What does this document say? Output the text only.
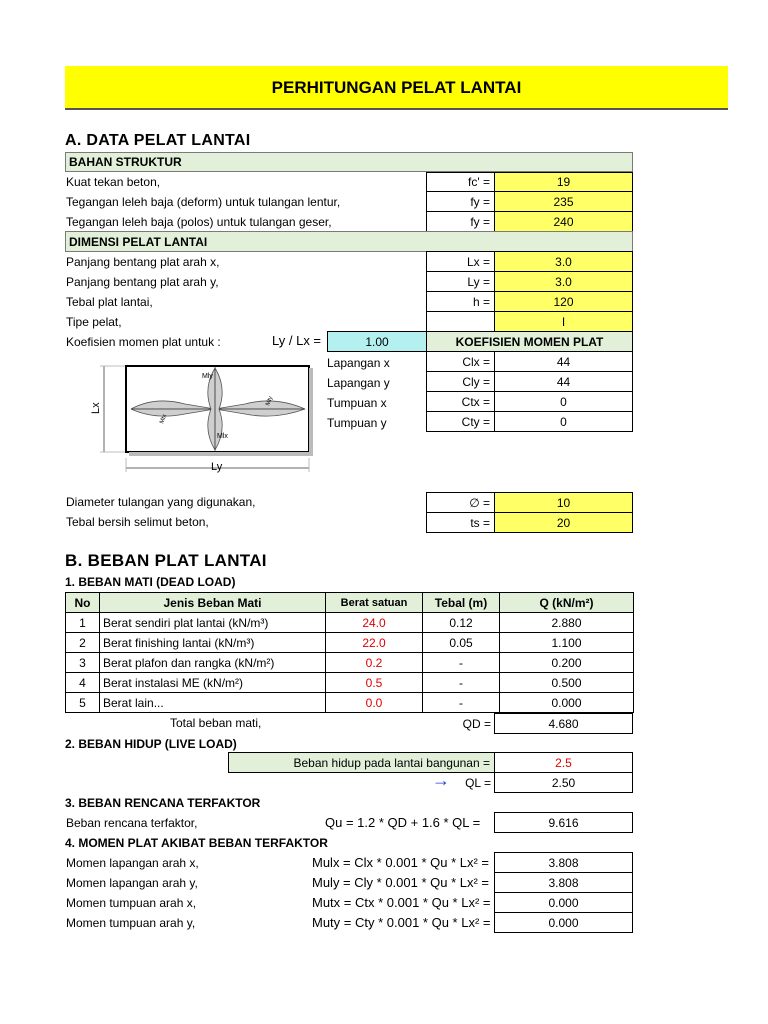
PERHITUNGAN PELAT LANTAI
A. DATA PELAT LANTAI
BAHAN STRUKTUR
Kuat tekan beton,	fc' =	19
Tegangan leleh baja (deform) untuk tulangan lentur,	fy =	235
Tegangan leleh baja (polos) untuk tulangan geser,	fy =	240
DIMENSI PELAT LANTAI
Panjang bentang plat arah x,	Lx =	3.0
Panjang bentang plat arah y,	Ly =	3.0
Tebal plat lantai,	h =	120
Tipe pelat,	I
Koefisien momen plat untuk :	Ly / Lx =	1.00	KOEFISIEN MOMEN PLAT
Lapangan x	Clx =	44
Lapangan y	Cly =	44
Tumpuan x	Ctx =	0
Tumpuan y	Cty =	0
Lx
Ly
Mly
Mlx
Mtx
Mty
Diameter tulangan yang digunakan,	∅ =	10
Tebal bersih selimut beton,	ts =	20
B. BEBAN PLAT LANTAI
1. BEBAN MATI (DEAD LOAD)
No	Jenis Beban Mati	Berat satuan	Tebal (m)	Q (kN/m²)
1	Berat sendiri plat lantai (kN/m³)	24.0	0.12	2.880
2	Berat finishing lantai (kN/m³)	22.0	0.05	1.100
3	Berat plafon dan rangka (kN/m²)	0.2	-	0.200
4	Berat instalasi ME (kN/m²)	0.5	-	0.500
5	Berat lain...	0.0	-	0.000
Total beban mati,	QD =	4.680
2. BEBAN HIDUP (LIVE LOAD)
Beban hidup pada lantai bangunan =	2.5
→	QL =	2.50
3. BEBAN RENCANA TERFAKTOR
Beban rencana terfaktor,	Qu = 1.2 * QD + 1.6 * QL =	9.616
4. MOMEN PLAT AKIBAT BEBAN TERFAKTOR
Momen lapangan arah x,	Mulx = Clx * 0.001 * Qu * Lx² =	3.808
Momen lapangan arah y,	Muly = Cly * 0.001 * Qu * Lx² =	3.808
Momen tumpuan arah x,	Mutx = Ctx * 0.001 * Qu * Lx² =	0.000
Momen tumpuan arah y,	Muty = Cty * 0.001 * Qu * Lx² =	0.000
